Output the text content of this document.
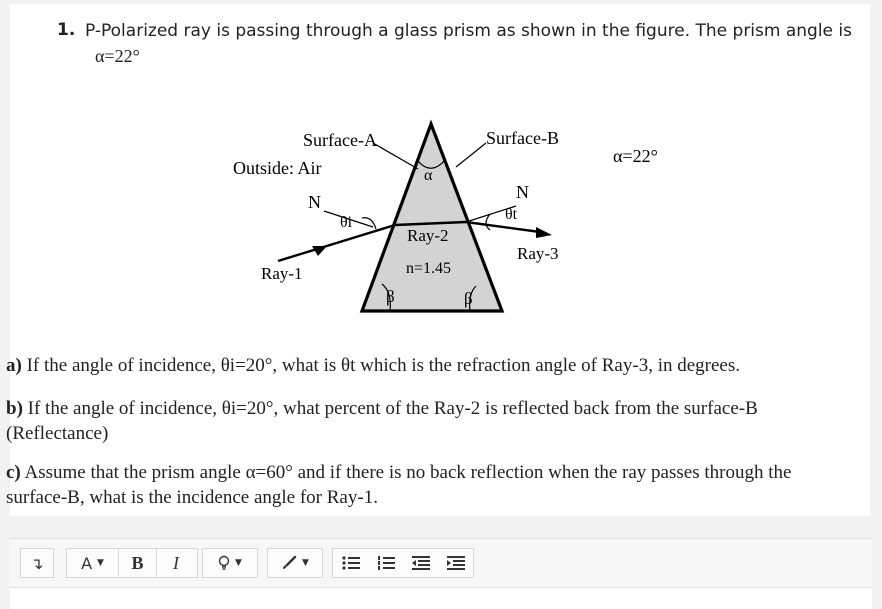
1. P-Polarized ray is passing through a glass prism as shown in the figure. The prism angle is
α=22°
Surface-A	Surface-B
Outside: Air	α
N	N
θi	θt
Ray-2
Ray-3
Ray-1	n=1.45
β	β
α=22°
a) If the angle of incidence, θi=20°, what is θt which is the refraction angle of Ray-3, in degrees.
b) If the angle of incidence, θi=20°, what percent of the Ray-2 is reflected back from the surface-B (Reflectance)
c) Assume that the prism angle α=60° and if there is no back reflection when the ray passes through the surface-B, what is the incidence angle for Ray-1.
↴ A ▼ B I	▼	▼
